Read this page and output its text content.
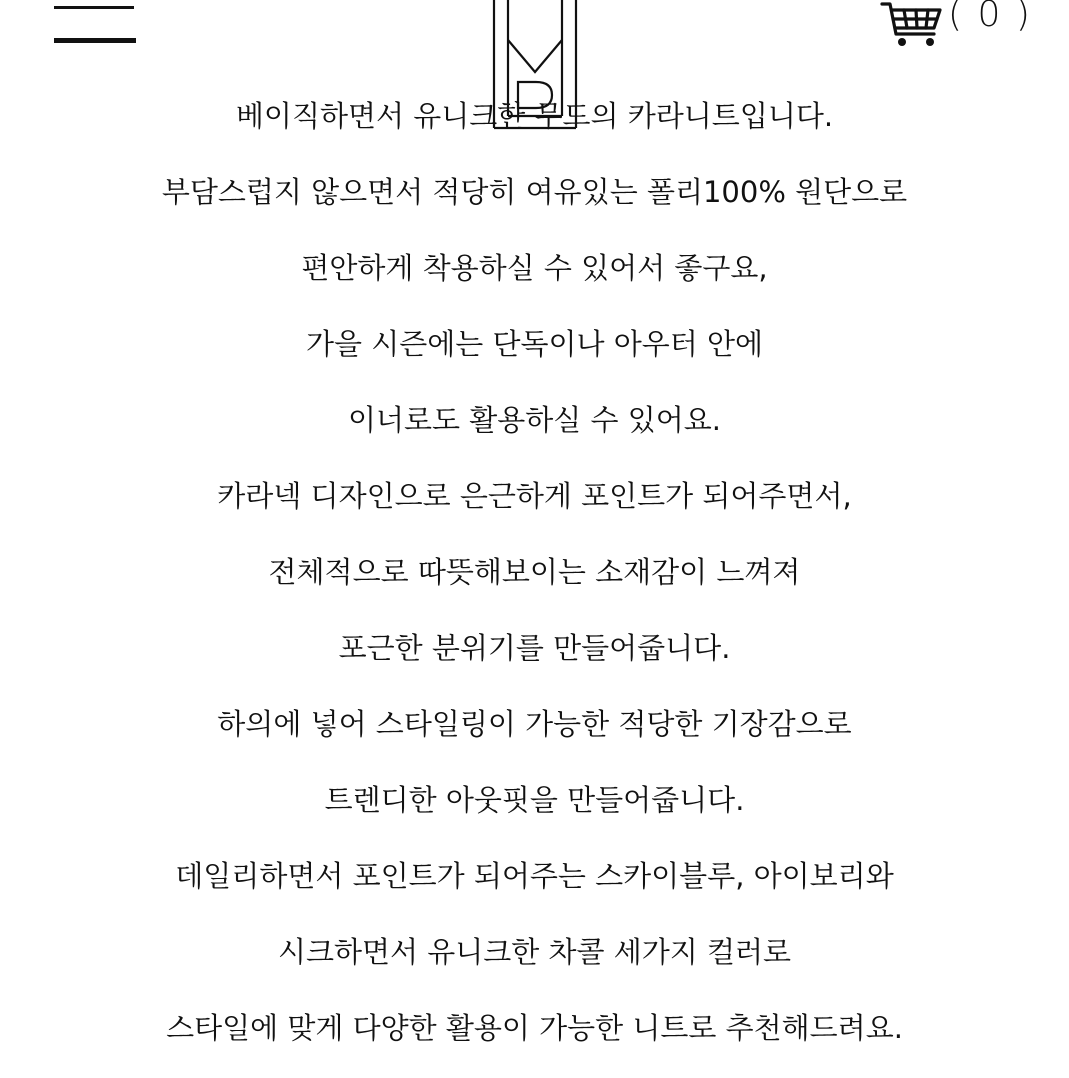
( 0 )
베이직하면서 유니크한 무드의 카라니트입니다.
부담스럽지 않으면서 적당히 여유있는 폴리100% 원단으로
편안하게 착용하실 수 있어서 좋구요,
가을 시즌에는 단독이나 아우터 안에
이너로도 활용하실 수 있어요.
카라넥 디자인으로 은근하게 포인트가 되어주면서,
전체적으로 따뜻해보이는 소재감이 느껴져
포근한 분위기를 만들어줍니다.
하의에 넣어 스타일링이 가능한 적당한 기장감으로
트렌디한 아웃핏을 만들어줍니다.
데일리하면서 포인트가 되어주는 스카이블루, 아이보리와
시크하면서 유니크한 차콜 세가지 컬러로
스타일에 맞게 다양한 활용이 가능한 니트로 추천해드려요.
